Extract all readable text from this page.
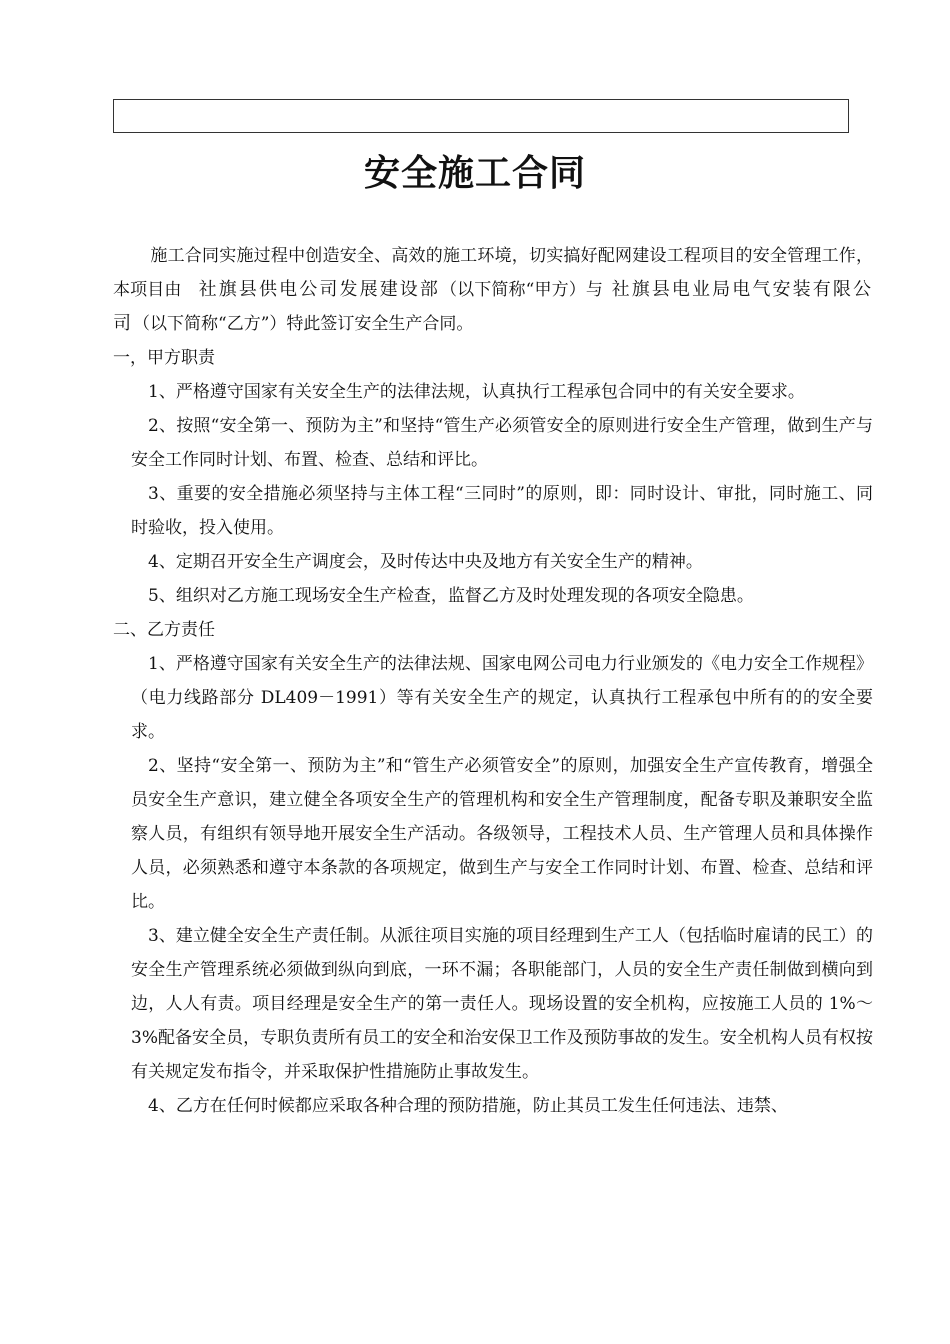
安全施工合同

施工合同实施过程中创造安全、高效的施工环境，切实搞好配网建设工程项目的安全管理工作，本项目由　 社旗县供电公司发展建设部（以下简称“甲方）与  社旗县电业局电气安装有限公司（以下简称“乙方”）特此签订安全生产合同。

一，甲方职责

1、严格遵守国家有关安全生产的法律法规，认真执行工程承包合同中的有关安全要求。

2、按照“安全第一、预防为主”和坚持“管生产必须管安全的原则进行安全生产管理，做到生产与安全工作同时计划、布置、检查、总结和评比。

3、重要的安全措施必须坚持与主体工程“三同时”的原则，即：同时设计、审批，同时施工、同时验收，投入使用。

4、定期召开安全生产调度会，及时传达中央及地方有关安全生产的精神。

5、组织对乙方施工现场安全生产检查，监督乙方及时处理发现的各项安全隐患。

二、乙方责任

1、严格遵守国家有关安全生产的法律法规、国家电网公司电力行业颁发的《电力安全工作规程》（电力线路部分 DL409－1991）等有关安全生产的规定，认真执行工程承包中所有的的安全要求。

2、坚持“安全第一、预防为主”和“管生产必须管安全”的原则，加强安全生产宣传教育，增强全员安全生产意识，建立健全各项安全生产的管理机构和安全生产管理制度，配备专职及兼职安全监察人员，有组织有领导地开展安全生产活动。各级领导，工程技术人员、生产管理人员和具体操作人员，必须熟悉和遵守本条款的各项规定，做到生产与安全工作同时计划、布置、检查、总结和评比。

3、建立健全安全生产责任制。从派往项目实施的项目经理到生产工人（包括临时雇请的民工）的安全生产管理系统必须做到纵向到底，一环不漏；各职能部门，人员的安全生产责任制做到横向到边，人人有责。项目经理是安全生产的第一责任人。现场设置的安全机构，应按施工人员的 1%～3%配备安全员，专职负责所有员工的安全和治安保卫工作及预防事故的发生。安全机构人员有权按有关规定发布指令，并采取保护性措施防止事故发生。

4、乙方在任何时候都应采取各种合理的预防措施，防止其员工发生任何违法、违禁、
